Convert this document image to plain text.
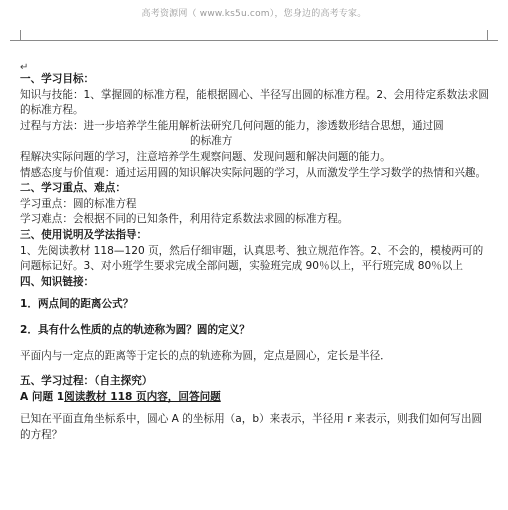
高考资源网（ www.ks5u.com），您身边的高考专家。
↵

一、学习目标：

知识与技能：1、掌握圆的标准方程，能根据圆心、半径写出圆的标准方程。2、会用待定系数法求圆的标准方程。

过程与方法：进一步培养学生能用解析法研究几何问题的能力，渗透数形结合思想，通过圆

的标准方

程解决实际问题的学习，注意培养学生观察问题、发现问题和解决问题的能力。

情感态度与价值观：通过运用圆的知识解决实际问题的学习，从而激发学生学习数学的热情和兴趣。

二、学习重点、难点：

学习重点：圆的标准方程

学习难点：会根据不同的已知条件，利用待定系数法求圆的标准方程。

三、使用说明及学法指导：

1、先阅读教材 118—120 页，然后仔细审题，认真思考、独立规范作答。2、不会的，模棱两可的问题标记好。3、对小班学生要求完成全部问题，实验班完成 90％以上，平行班完成 80％以上

四、知识链接：

1．两点间的距离公式？

2．具有什么性质的点的轨迹称为圆？圆的定义？

平面内与一定点的距离等于定长的点的轨迹称为圆，定点是圆心，定长是半径．

五、学习过程：（自主探究）

A 问题 1阅读教材 118 页内容，回答问题

已知在平面直角坐标系中，圆心 A 的坐标用（a，b）来表示，半径用 r 来表示，则我们如何写出圆的方程？
